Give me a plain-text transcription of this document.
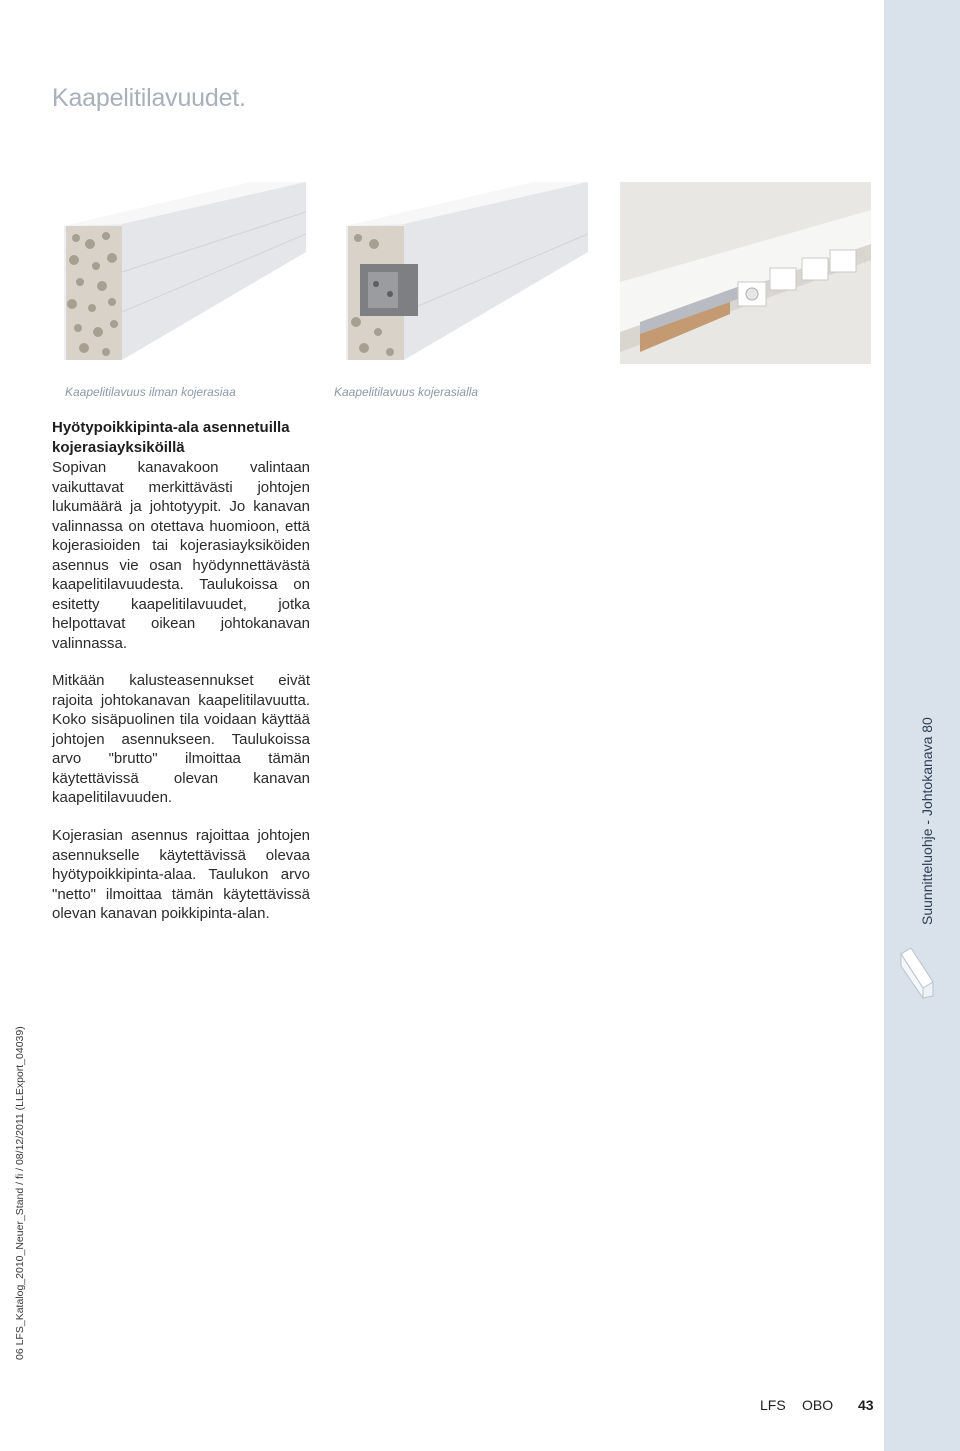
Kaapelitilavuudet.
Kaapelitilavuus ilman kojerasiaa	Kaapelitilavuus kojerasialla
Hyötypoikkipinta-ala asennetuilla kojerasiayksiköillä

Sopivan kanavakoon valintaan vaikuttavat merkittävästi johtojen lukumäärä ja johtotyypit. Jo kanavan valinnassa on otettava huomioon, että kojerasioiden tai kojerasiayksiköiden asennus vie osan hyödynnettävästä kaapelitilavuudesta. Taulukoissa on esitetty kaapelitilavuudet, jotka helpottavat oikean johtokanavan valinnassa.

Mitkään kalusteasennukset eivät rajoita johtokanavan kaapelitilavuutta. Koko sisäpuolinen tila voidaan käyttää johtojen asennukseen. Taulukoissa arvo "brutto" ilmoittaa tämän käytettävissä olevan kanavan kaapelitilavuuden.

Kojerasian asennus rajoittaa johtojen asennukselle käytettävissä olevaa hyötypoikkipinta-alaa. Taulukon arvo "netto" ilmoittaa tämän käytettävissä olevan kanavan poikkipinta-alan.	Suunnitteluohje - Johtokanava 80
06 LFS_Katalog_2010_Neuer_Stand / fi / 08/12/2011 (LLExport_04039)
LFS OBO 43
